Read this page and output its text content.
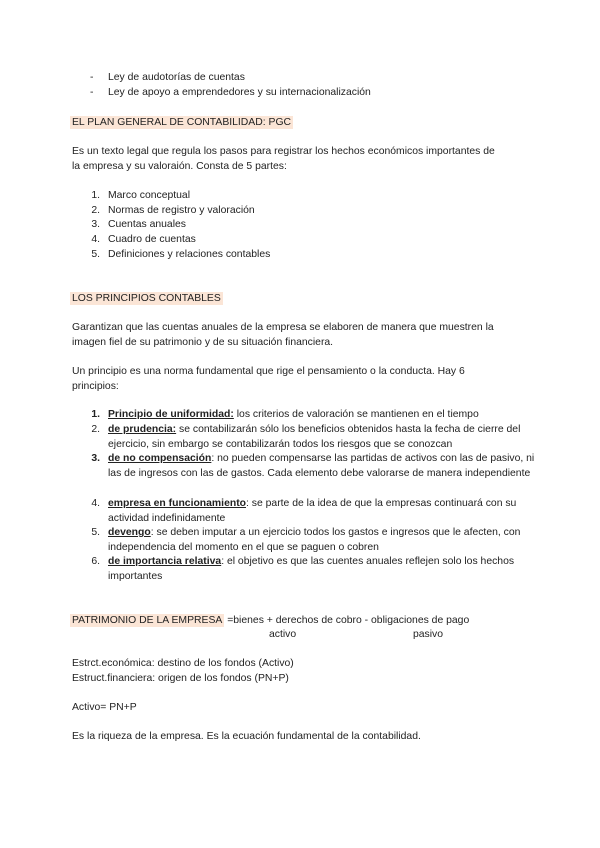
- Ley de audotorías de cuentas
- Ley de apoyo a emprendedores y su internacionalización
EL PLAN GENERAL DE CONTABILIDAD: PGC
Es un texto legal que regula los pasos para registrar los hechos económicos importantes de
la empresa y su valoraión. Consta de 5 partes:
1. Marco conceptual
2. Normas de registro y valoración
3. Cuentas anuales
4. Cuadro de cuentas
5. Definiciones y relaciones contables
LOS PRINCIPIOS CONTABLES
Garantizan que las cuentas anuales de la empresa se elaboren de manera que muestren la
imagen fiel de su patrimonio y de su situación financiera.
Un principio es una norma fundamental que rige el pensamiento o la conducta. Hay 6
principios:
1. Principio de uniformidad: los criterios de valoración se mantienen en el tiempo
2. de prudencia: se contabilizarán sólo los beneficios obtenidos hasta la fecha de cierre del ejercicio, sin embargo se contabilizarán todos los riesgos que se conozcan
3. de no compensación: no pueden compensarse las partidas de activos con las de pasivo, ni las de ingresos con las de gastos. Cada elemento debe valorarse de manera independiente
4. empresa en funcionamiento: se parte de la idea de que la empresas continuará con su actividad indefinidamente
5. devengo: se deben imputar a un ejercicio todos los gastos e ingresos que le afecten, con independencia del momento en el que se paguen o cobren
6. de importancia relativa: el objetivo es que las cuentes anuales reflejen solo los hechos importantes
PATRIMONIO DE LA EMPRESA =bienes + derechos de cobro - obligaciones de pago
activo	pasivo
Estrct.económica: destino de los fondos (Activo)
Estruct.financiera: origen de los fondos (PN+P)
Activo= PN+P
Es la riqueza de la empresa. Es la ecuación fundamental de la contabilidad.
